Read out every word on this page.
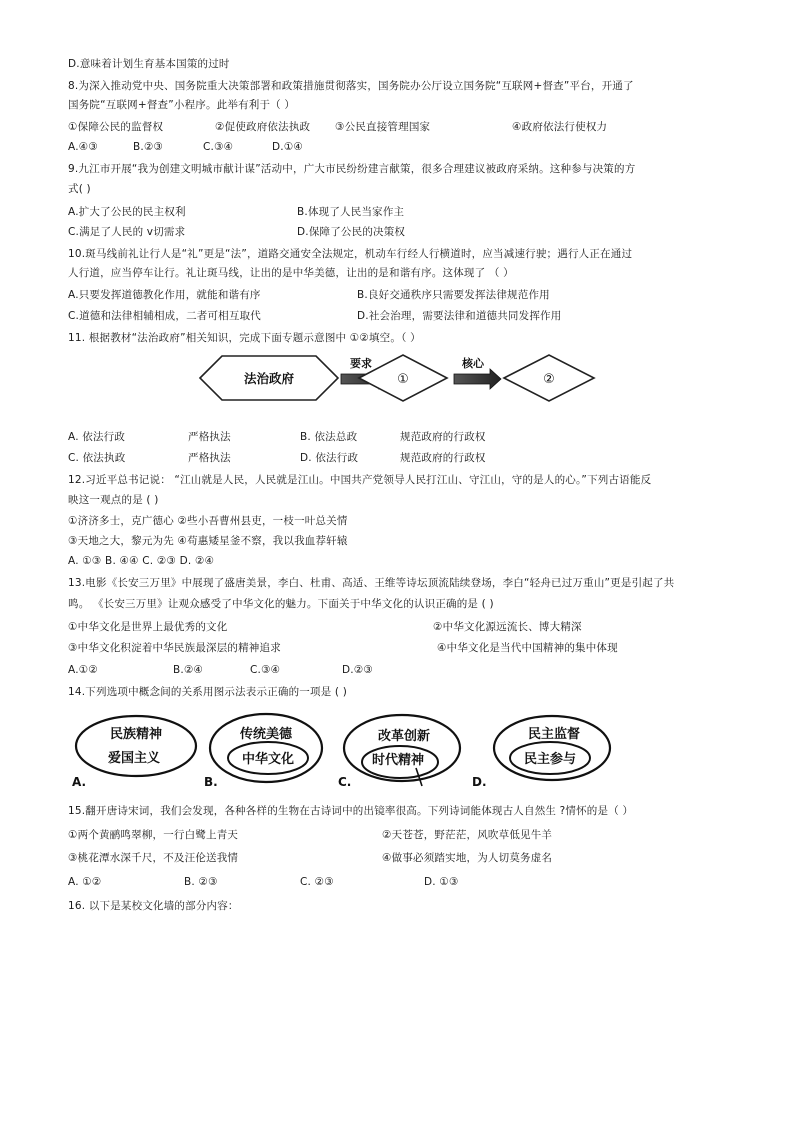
D.意味着计划生育基本国策的过时
8.为深入推动党中央、国务院重大决策部署和政策措施贯彻落实，国务院办公厅设立国务院“互联网+督查”平台，开通了
国务院“互联网+督查”小程序。此举有利于（ ）
①保障公民的监督权	②促使政府依法执政 ③公民直接管理国家	④政府依法行使权力
A.④③	B.②③	C.③④	D.①④
9.九江市开展“我为创建文明城市献计谋”活动中，广大市民纷纷建言献策，很多合理建议被政府采纳。这种参与决策的方
式( )
A.扩大了公民的民主权利	B.体现了人民当家作主
C.满足了人民的 v切需求	D.保障了公民的决策权
10.斑马线前礼让行人是“礼”更是“法”，道路交通安全法规定，机动车行经人行横道时，应当减速行驶；遇行人正在通过
人行道，应当停车让行。礼让斑马线，让出的是中华美德，让出的是和谐有序。这体现了 （ ）
A.只要发挥道德教化作用，就能和谐有序	B.良好交通秩序只需要发挥法律规范作用
C.道德和法律相辅相成，二者可相互取代	D.社会治理，需要法律和道德共同发挥作用
11. 根据教材“法治政府”相关知识，完成下面专题示意图中 ①②填空。（ ）
法治政府
要求
①
核心
②
A. 依法行政	严格执法	B. 依法总政	规范政府的行政权
C. 依法执政	严格执法	D. 依法行政	规范政府的行政权
12.习近平总书记说： “江山就是人民，人民就是江山。中国共产党领导人民打江山、守江山，守的是人的心。”下列古语能反
映这一观点的是 ( )
①济济多士，克广德心 ②些小吾曹州县吏，一枝一叶总关情
③天地之大，黎元为先 ④苟惠矮星釜不察，我以我血荐轩辕
A. ①③ B. ④④ C. ②③ D. ②④
13.电影《长安三万里》中展现了盛唐美景，李白、杜甫、高适、王维等诗坛顶流陆续登场，李白“轻舟已过万重山”更是引起了共
鸣。 《长安三万里》让观众感受了中华文化的魅力。下面关于中华文化的认识正确的是 ( )
①中华文化是世界上最优秀的文化	②中华文化源远流长、博大精深
③中华文化积淀着中华民族最深层的精神追求	④中华文化是当代中国精神的集中体现
A.①②	B.②④	C.③④	D.②③
14.下列选项中概念间的关系用图示法表示正确的一项是 ( )
民族精神
爱国主义
A.
传统美德
中华文化
B.
改革创新
时代精神
C.
民主监督
民主参与
D.
15.翻开唐诗宋词，我们会发现，各种各样的生物在古诗词中的出镜率很高。下列诗词能体现古人自然生 ?情怀的是（ ）
①两个黄鹂鸣翠柳，一行白鹭上青天	②天苍苍，野茫茫，风吹草低见牛羊
③桃花潭水深千尺，不及汪伦送我情	④做事必须踏实地，为人切莫务虚名
A. ①②	B. ②③	C. ②③	D. ①③
16. 以下是某校文化墙的部分内容：
